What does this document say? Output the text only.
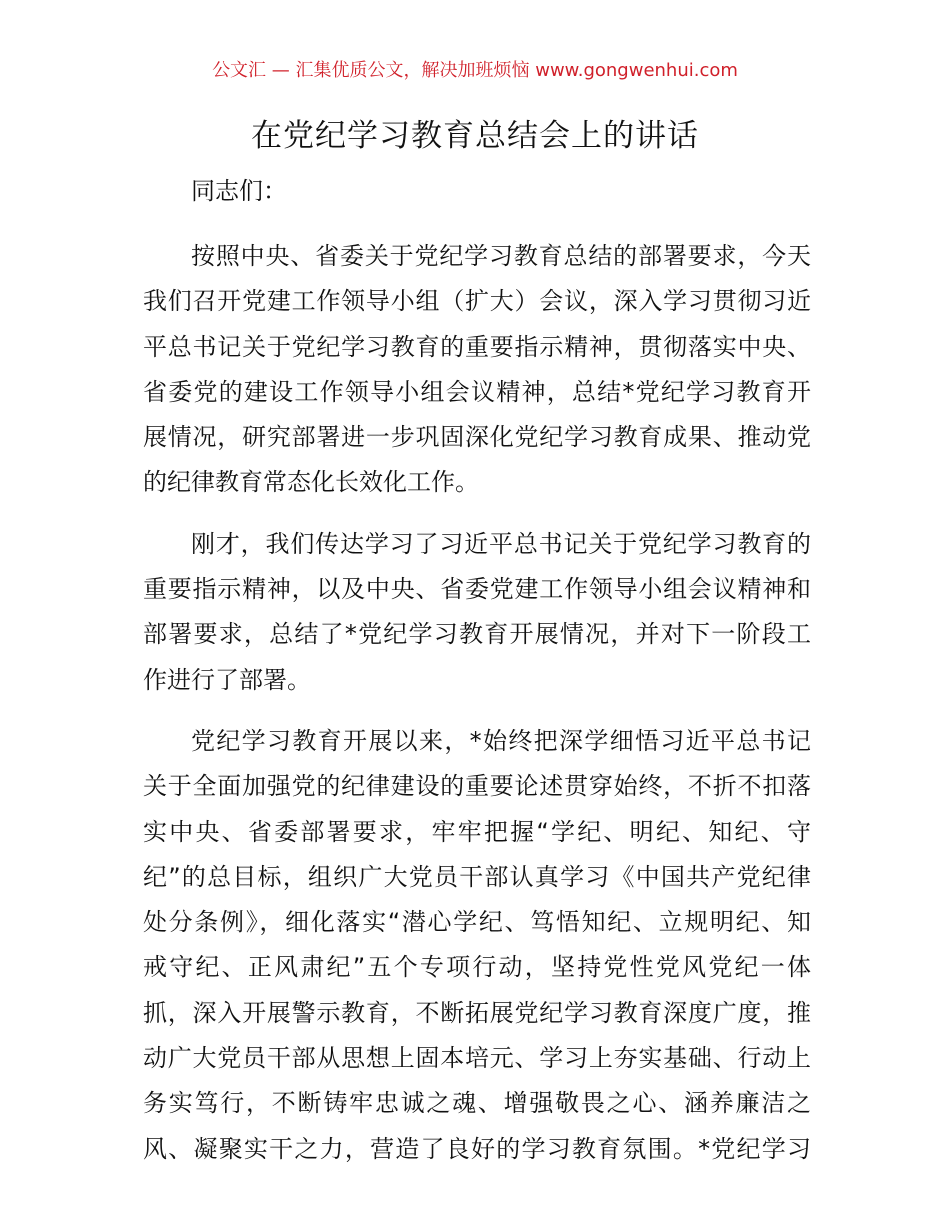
公文汇 — 汇集优质公文，解决加班烦恼 www.gongwenhui.com
在党纪学习教育总结会上的讲话

同志们：

按照中央、省委关于党纪学习教育总结的部署要求，今天
我们召开党建工作领导小组（扩大）会议，深入学习贯彻习近
平总书记关于党纪学习教育的重要指示精神，贯彻落实中央、
省委党的建设工作领导小组会议精神，总结*党纪学习教育开
展情况，研究部署进一步巩固深化党纪学习教育成果、推动党
的纪律教育常态化长效化工作。

刚才，我们传达学习了习近平总书记关于党纪学习教育的
重要指示精神，以及中央、省委党建工作领导小组会议精神和
部署要求，总结了*党纪学习教育开展情况，并对下一阶段工
作进行了部署。

党纪学习教育开展以来，*始终把深学细悟习近平总书记
关于全面加强党的纪律建设的重要论述贯穿始终，不折不扣落
实中央、省委部署要求，牢牢把握“学纪、明纪、知纪、守
纪”的总目标，组织广大党员干部认真学习《中国共产党纪律
处分条例》，细化落实“潜心学纪、笃悟知纪、立规明纪、知
戒守纪、正风肃纪”五个专项行动，坚持党性党风党纪一体
抓，深入开展警示教育，不断拓展党纪学习教育深度广度，推
动广大党员干部从思想上固本培元、学习上夯实基础、行动上
务实笃行，不断铸牢忠诚之魂、增强敬畏之心、涵养廉洁之
风、凝聚实干之力，营造了良好的学习教育氛围。*党纪学习
